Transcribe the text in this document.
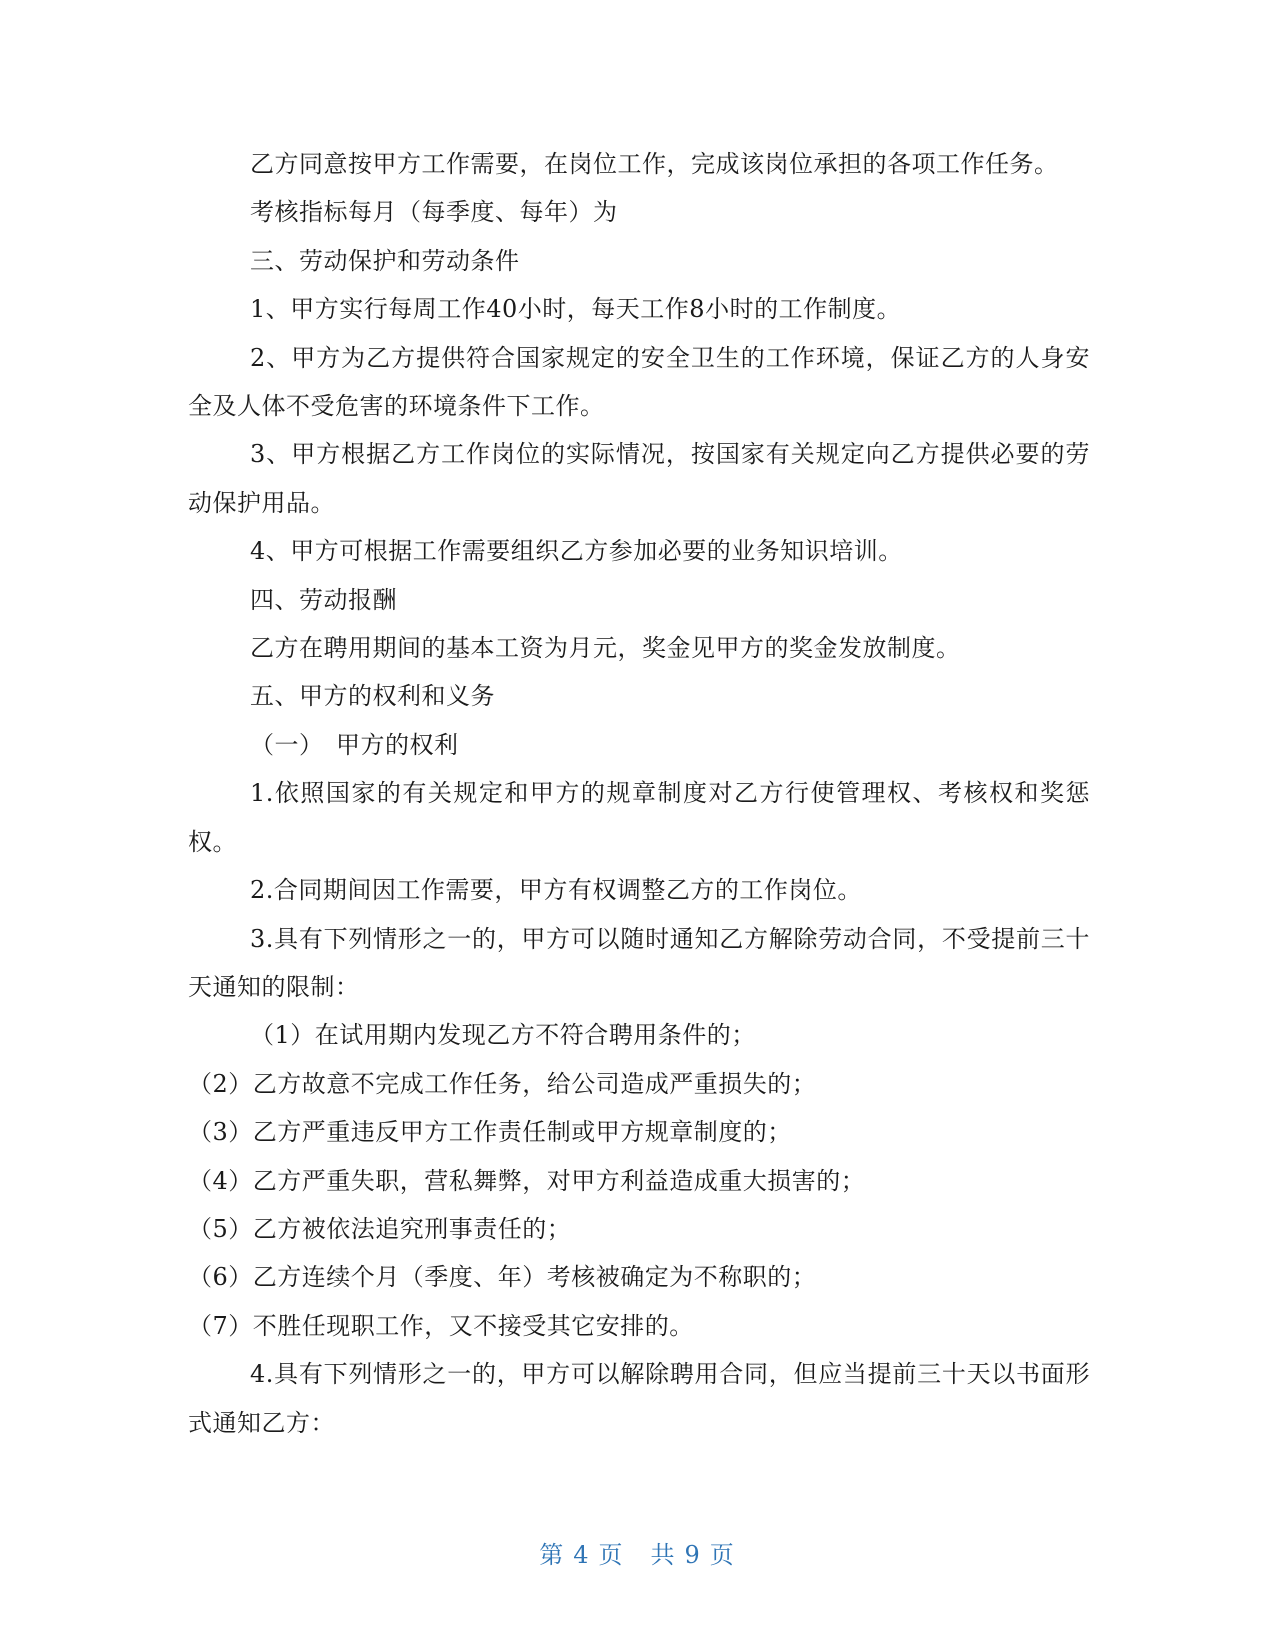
乙方同意按甲方工作需要，在岗位工作，完成该岗位承担的各项工作任务。

考核指标每月（每季度、每年）为

三、劳动保护和劳动条件

1、甲方实行每周工作40小时，每天工作8小时的工作制度。

2、甲方为乙方提供符合国家规定的安全卫生的工作环境，保证乙方的人身安全及人体不受危害的环境条件下工作。

3、甲方根据乙方工作岗位的实际情况，按国家有关规定向乙方提供必要的劳动保护用品。

4、甲方可根据工作需要组织乙方参加必要的业务知识培训。

四、劳动报酬

乙方在聘用期间的基本工资为月元，奖金见甲方的奖金发放制度。

五、甲方的权利和义务

（一）　甲方的权利

1.依照国家的有关规定和甲方的规章制度对乙方行使管理权、考核权和奖惩权。

2.合同期间因工作需要，甲方有权调整乙方的工作岗位。

3.具有下列情形之一的，甲方可以随时通知乙方解除劳动合同，不受提前三十天通知的限制：

（1）在试用期内发现乙方不符合聘用条件的；

（2）乙方故意不完成工作任务，给公司造成严重损失的；

（3）乙方严重违反甲方工作责任制或甲方规章制度的；

（4）乙方严重失职，营私舞弊，对甲方利益造成重大损害的；

（5）乙方被依法追究刑事责任的；

（6）乙方连续个月（季度、年）考核被确定为不称职的；

（7）不胜任现职工作，又不接受其它安排的。

4.具有下列情形之一的，甲方可以解除聘用合同，但应当提前三十天以书面形式通知乙方：

第 4 页　共 9 页
